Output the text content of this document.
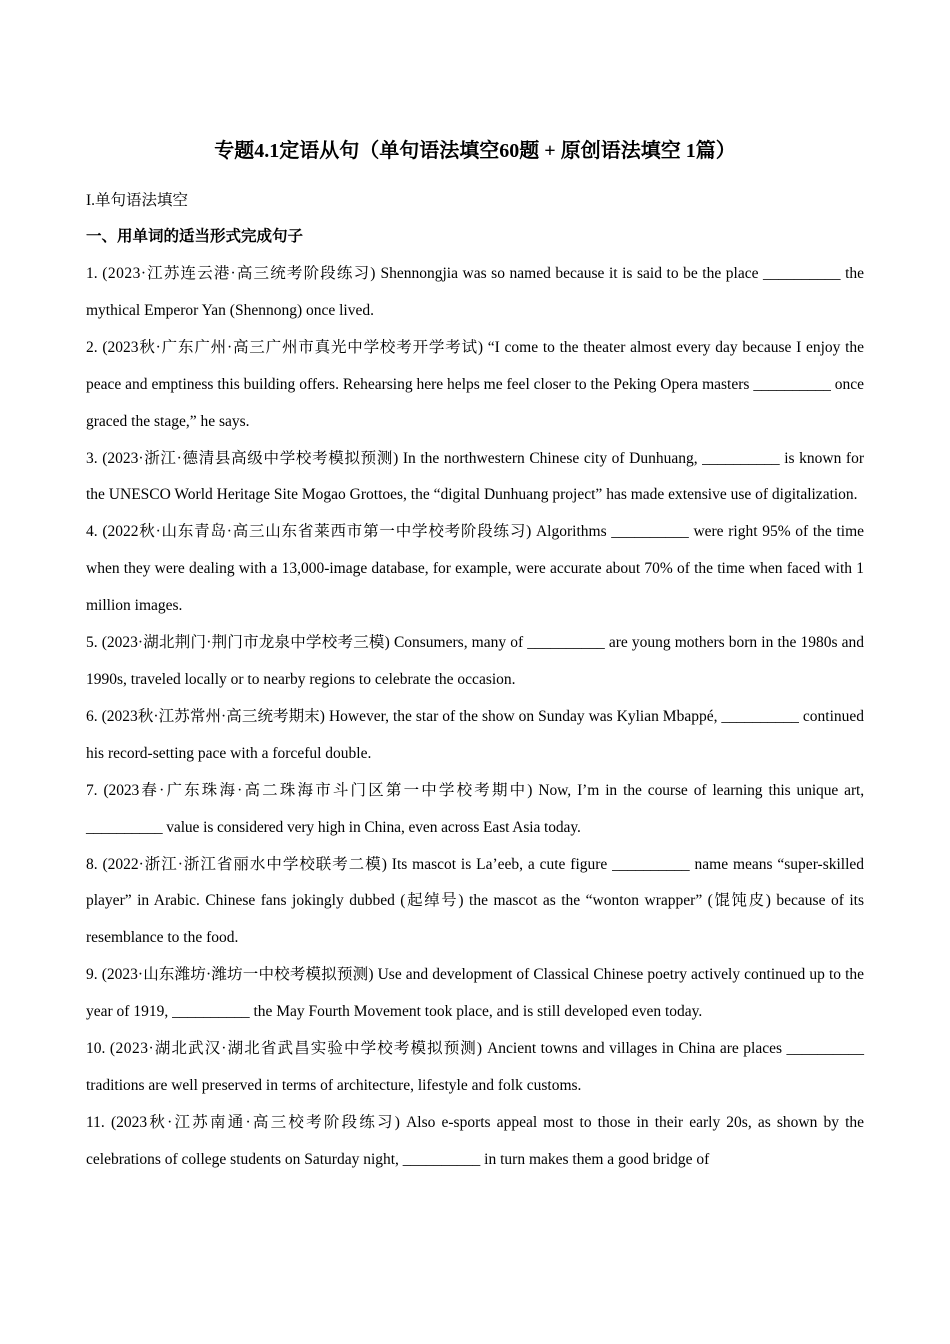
专题4.1定语从句（单句语法填空60题 + 原创语法填空 1篇）
I.单句语法填空
一、用单词的适当形式完成句子

1. (2023·江苏连云港·高三统考阶段练习) Shennongjia was so named because it is said to be the place __________ the mythical Emperor Yan (Shennong) once lived.

2. (2023秋·广东广州·高三广州市真光中学校考开学考试) “I come to the theater almost every day because I enjoy the peace and emptiness this building offers. Rehearsing here helps me feel closer to the Peking Opera masters __________ once graced the stage,” he says.

3. (2023·浙江·德清县高级中学校考模拟预测) In the northwestern Chinese city of Dunhuang, __________ is known for the UNESCO World Heritage Site Mogao Grottoes, the “digital Dunhuang project” has made extensive use of digitalization.

4. (2022秋·山东青岛·高三山东省莱西市第一中学校考阶段练习) Algorithms __________ were right 95% of the time when they were dealing with a 13,000-image database, for example, were accurate about 70% of the time when faced with 1 million images.

5. (2023·湖北荆门·荆门市龙泉中学校考三模) Consumers, many of __________ are young mothers born in the 1980s and 1990s, traveled locally or to nearby regions to celebrate the occasion.

6. (2023秋·江苏常州·高三统考期末) However, the star of the show on Sunday was Kylian Mbappé, __________ continued his record-setting pace with a forceful double.

7. (2023春·广东珠海·高二珠海市斗门区第一中学校考期中) Now, I’m in the course of learning this unique art, __________ value is considered very high in China, even across East Asia today.

8. (2022·浙江·浙江省丽水中学校联考二模) Its mascot is La’eeb, a cute figure __________ name means “super-skilled player” in Arabic. Chinese fans jokingly dubbed (起绰号) the mascot as the “wonton wrapper” (馄饨皮) because of its resemblance to the food.

9. (2023·山东潍坊·潍坊一中校考模拟预测) Use and development of Classical Chinese poetry actively continued up to the year of 1919, __________ the May Fourth Movement took place, and is still developed even today.

10. (2023·湖北武汉·湖北省武昌实验中学校考模拟预测) Ancient towns and villages in China are places __________ traditions are well preserved in terms of architecture, lifestyle and folk customs.

11. (2023秋·江苏南通·高三校考阶段练习) Also e-sports appeal most to those in their early 20s, as shown by the celebrations of college students on Saturday night, __________ in turn makes them a good bridge of
